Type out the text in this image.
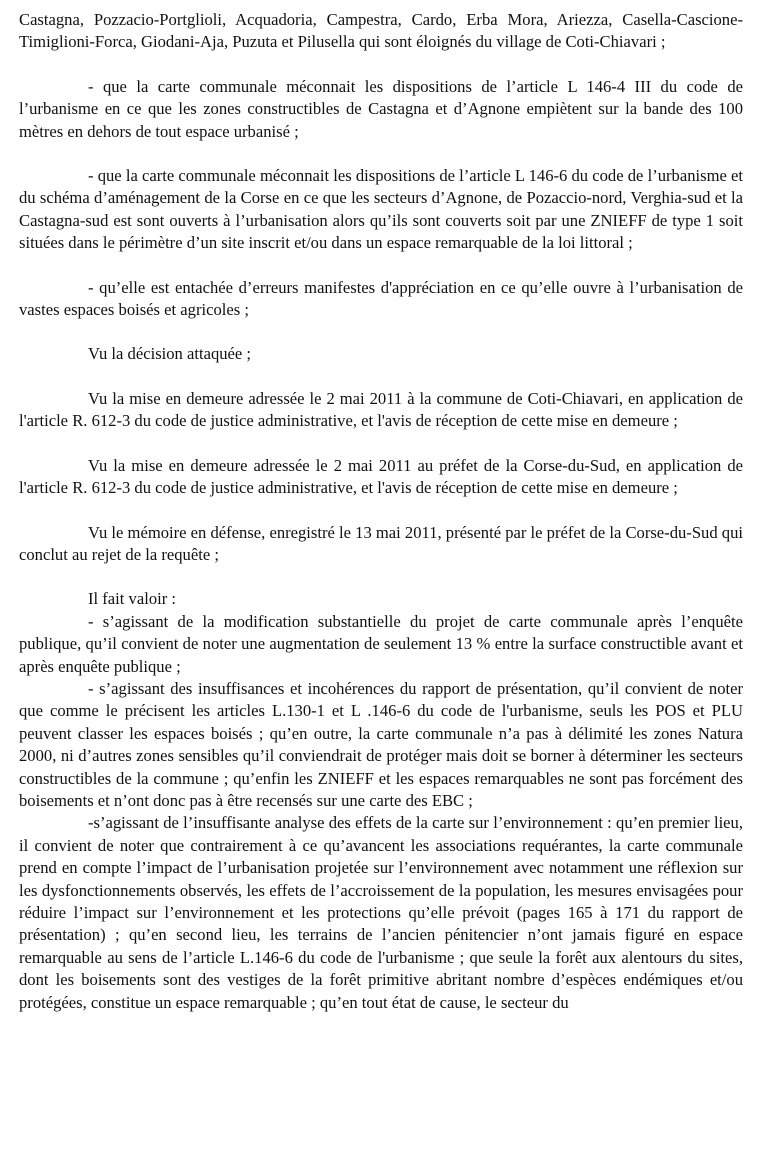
Castagna, Pozzacio-Portglioli, Acquadoria, Campestra, Cardo, Erba Mora, Ariezza, Casella-Cascione-Timiglioni-Forca, Giodani-Aja, Puzuta et Pilusella qui sont éloignés du village de Coti-Chiavari ;

- que la carte communale méconnait les dispositions de l’article L 146-4 III du code de l’urbanisme en ce que les zones constructibles de Castagna et d’Agnone empiètent sur la bande des 100 mètres en dehors de tout espace urbanisé ;

- que la carte communale méconnait les dispositions de l’article L 146-6 du code de l’urbanisme et du schéma d’aménagement de la Corse en ce que les secteurs d’Agnone, de Pozaccio-nord, Verghia-sud et la Castagna-sud est sont ouverts à l’urbanisation alors qu’ils sont couverts soit par une ZNIEFF de type 1 soit situées dans le périmètre d’un site inscrit et/ou dans un espace remarquable de la loi littoral ;

- qu’elle est entachée d’erreurs manifestes d'appréciation en ce qu’elle ouvre à l’urbanisation de vastes espaces boisés et agricoles ;

Vu la décision attaquée ;

Vu la mise en demeure adressée le 2 mai 2011 à la commune de Coti-Chiavari, en application de l'article R. 612-3 du code de justice administrative, et l'avis de réception de cette mise en demeure ;

Vu la mise en demeure adressée le 2 mai 2011 au préfet de la Corse-du-Sud, en application de l'article R. 612-3 du code de justice administrative, et l'avis de réception de cette mise en demeure ;

Vu le mémoire en défense, enregistré le 13 mai 2011, présenté par le préfet de la Corse-du-Sud qui conclut au rejet de la requête ;

Il fait valoir :

- s’agissant de la modification substantielle du projet de carte communale après l’enquête publique, qu’il convient de noter une augmentation de seulement 13 % entre la surface constructible avant et après enquête publique ;

- s’agissant des insuffisances et incohérences du rapport de présentation, qu’il convient de noter que comme le précisent les articles L.130-1 et L .146-6 du code de l'urbanisme, seuls les POS et PLU peuvent classer les espaces boisés ; qu’en outre, la carte communale n’a pas à délimité les zones Natura 2000, ni d’autres zones sensibles qu’il conviendrait de protéger mais doit se borner à déterminer les secteurs constructibles de la commune ; qu’enfin les ZNIEFF et les espaces remarquables ne sont pas forcément des boisements et n’ont donc pas à être recensés sur une carte des EBC ;

-s’agissant de l’insuffisante analyse des effets de la carte sur l’environnement : qu’en premier lieu, il convient de noter que contrairement à ce qu’avancent les associations requérantes, la carte communale prend en compte l’impact de l’urbanisation projetée sur l’environnement avec notamment une réflexion sur les dysfonctionnements observés, les effets de l’accroissement de la population, les mesures envisagées pour réduire l’impact sur l’environnement et les protections qu’elle prévoit (pages 165 à 171 du rapport de présentation) ; qu’en second lieu, les terrains de l’ancien pénitencier n’ont jamais figuré en espace remarquable au sens de l’article L.146-6 du code de l'urbanisme ; que seule la forêt aux alentours du sites, dont les boisements sont des vestiges de la forêt primitive abritant nombre d’espèces endémiques et/ou protégées, constitue un espace remarquable ; qu’en tout état de cause, le secteur du
